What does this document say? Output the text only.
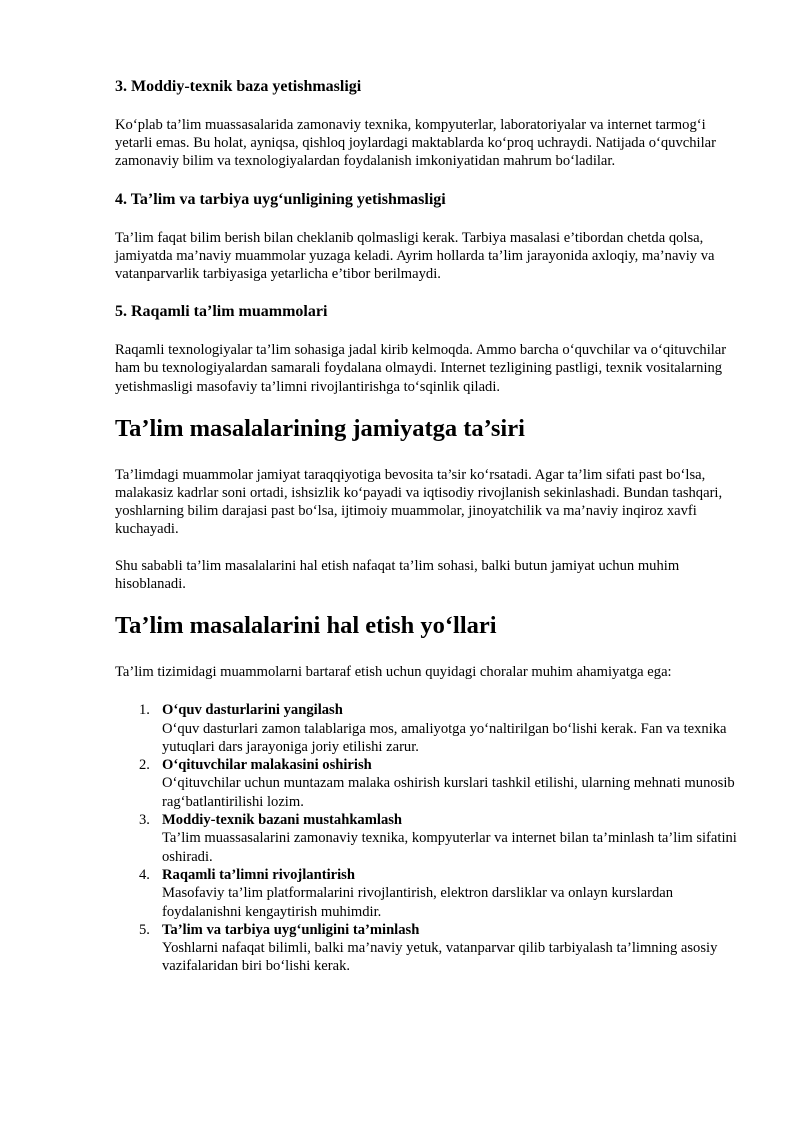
3. Moddiy-texnik baza yetishmasligi

Ko‘plab ta’lim muassasalarida zamonaviy texnika, kompyuterlar, laboratoriyalar va internet tarmog‘i yetarli emas. Bu holat, ayniqsa, qishloq joylardagi maktablarda ko‘proq uchraydi. Natijada o‘quvchilar zamonaviy bilim va texnologiyalardan foydalanish imkoniyatidan mahrum bo‘ladilar.

4. Ta’lim va tarbiya uyg‘unligining yetishmasligi

Ta’lim faqat bilim berish bilan cheklanib qolmasligi kerak. Tarbiya masalasi e’tibordan chetda qolsa, jamiyatda ma’naviy muammolar yuzaga keladi. Ayrim hollarda ta’lim jarayonida axloqiy, ma’naviy va vatanparvarlik tarbiyasiga yetarlicha e’tibor berilmaydi.

5. Raqamli ta’lim muammolari

Raqamli texnologiyalar ta’lim sohasiga jadal kirib kelmoqda. Ammo barcha o‘quvchilar va o‘qituvchilar ham bu texnologiyalardan samarali foydalana olmaydi. Internet tezligining pastligi, texnik vositalarning yetishmasligi masofaviy ta’limni rivojlantirishga to‘sqinlik qiladi.

Ta’lim masalalarining jamiyatga ta’siri

Ta’limdagi muammolar jamiyat taraqqiyotiga bevosita ta’sir ko‘rsatadi. Agar ta’lim sifati past bo‘lsa, malakasiz kadrlar soni ortadi, ishsizlik ko‘payadi va iqtisodiy rivojlanish sekinlashadi. Bundan tashqari, yoshlarning bilim darajasi past bo‘lsa, ijtimoiy muammolar, jinoyatchilik va ma’naviy inqiroz xavfi kuchayadi.

Shu sababli ta’lim masalalarini hal etish nafaqat ta’lim sohasi, balki butun jamiyat uchun muhim hisoblanadi.

Ta’lim masalalarini hal etish yo‘llari

Ta’lim tizimidagi muammolarni bartaraf etish uchun quyidagi choralar muhim ahamiyatga ega:

1. O‘quv dasturlarini yangilash
O‘quv dasturlari zamon talablariga mos, amaliyotga yo‘naltirilgan bo‘lishi kerak. Fan va texnika yutuqlari dars jarayoniga joriy etilishi zarur.
2. O‘qituvchilar malakasini oshirish
O‘qituvchilar uchun muntazam malaka oshirish kurslari tashkil etilishi, ularning mehnati munosib rag‘batlantirilishi lozim.
3. Moddiy-texnik bazani mustahkamlash
Ta’lim muassasalarini zamonaviy texnika, kompyuterlar va internet bilan ta’minlash ta’lim sifatini oshiradi.
4. Raqamli ta’limni rivojlantirish
Masofaviy ta’lim platformalarini rivojlantirish, elektron darsliklar va onlayn kurslardan foydalanishni kengaytirish muhimdir.
5. Ta’lim va tarbiya uyg‘unligini ta’minlash
Yoshlarni nafaqat bilimli, balki ma’naviy yetuk, vatanparvar qilib tarbiyalash ta’limning asosiy vazifalaridan biri bo‘lishi kerak.
